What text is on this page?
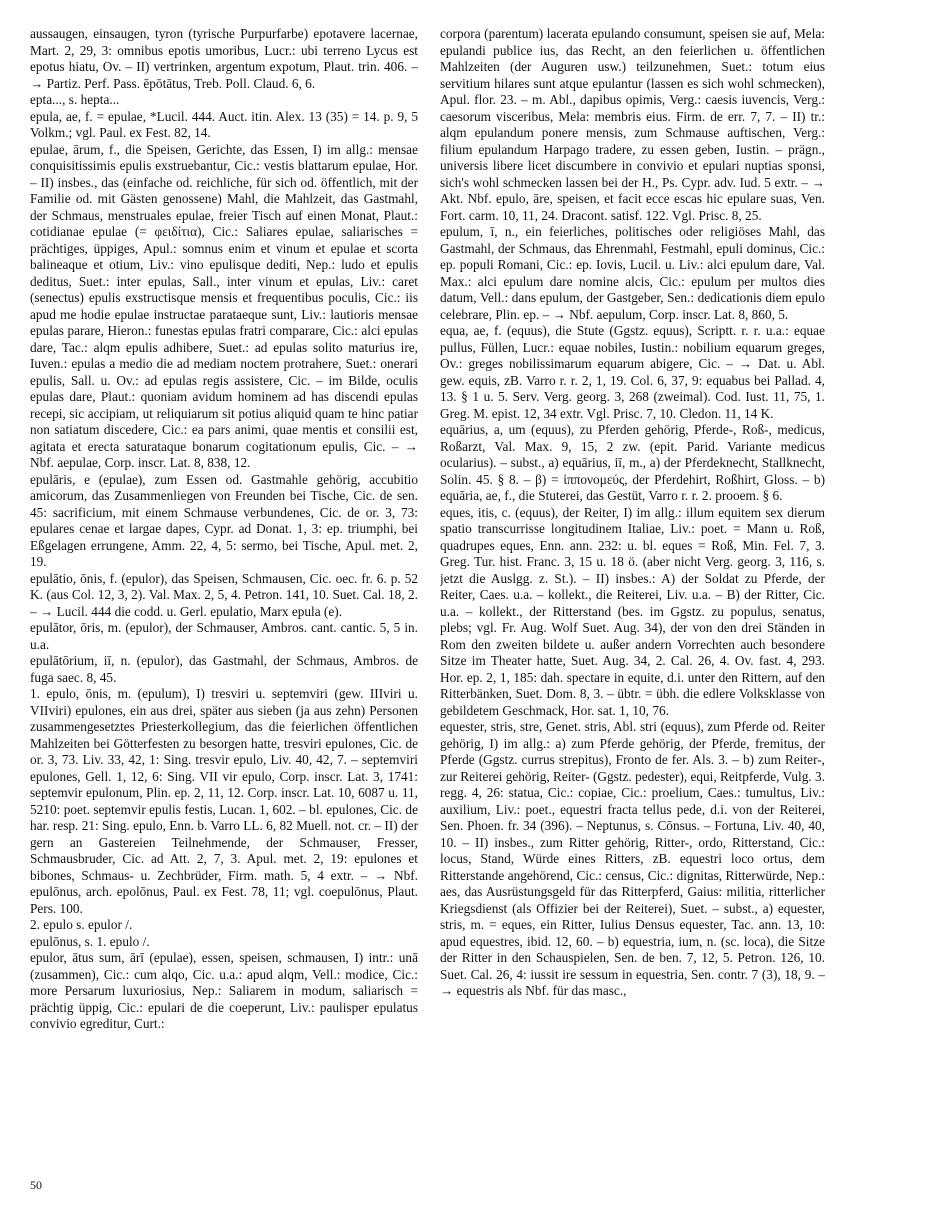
aussaugen, einsaugen, tyron (tyrische Purpurfarbe) epotavere lacernae, Mart. 2, 29, 3: omnibus epotis umoribus, Lucr.: ubi terreno Lycus est epotus hiatu, Ov. – II) vertrinken, argentum expotum, Plaut. trin. 406. – → Partiz. Perf. Pass. ēpōtātus, Treb. Poll. Claud. 6, 6.

epta..., s. hepta...

epula, ae, f. = epulae, *Lucil. 444. Auct. itin. Alex. 13 (35) = 14. p. 9, 5 Volkm.; vgl. Paul. ex Fest. 82, 14.

epulae, ārum, f., die Speisen, Gerichte, das Essen, I) im allg.: mensae conquisitissimis epulis exstruebantur, Cic.: vestis blattarum epulae, Hor. – II) insbes., das (einfache od. reichliche, für sich od. öffentlich, mit der Familie od. mit Gästen genossene) Mahl, die Mahlzeit, das Gastmahl, der Schmaus, menstruales epulae, freier Tisch auf einen Monat, Plaut.: cotidianae epulae (= φειδίτια), Cic.: Saliares epulae, saliarisches = prächtiges, üppiges, Apul.: somnus enim et vinum et epulae et scorta balineaque et otium, Liv.: vino epulisque dediti, Nep.: ludo et epulis deditus, Suet.: inter epulas, Sall., inter vinum et epulas, Liv.: caret (senectus) epulis exstructisque mensis et frequentibus poculis, Cic.: iis apud me hodie epulae instructae parataeque sunt, Liv.: lautioris mensae epulas parare, Hieron.: funestas epulas fratri comparare, Cic.: alci epulas dare, Tac.: alqm epulis adhibere, Suet.: ad epulas solito maturius ire, Iuven.: epulas a medio die ad mediam noctem protrahere, Suet.: onerari epulis, Sall. u. Ov.: ad epulas regis assistere, Cic. – im Bilde, oculis epulas dare, Plaut.: quoniam avidum hominem ad has discendi epulas recepi, sic accipiam, ut reliquiarum sit potius aliquid quam te hinc patiar non satiatum discedere, Cic.: ea pars animi, quae mentis et consilii est, agitata et erecta saturataque bonarum cogitationum epulis, Cic. – → Nbf. aepulae, Corp. inscr. Lat. 8, 838, 12.

epulāris, e (epulae), zum Essen od. Gastmahle gehörig, accubitio amicorum, das Zusammenliegen von Freunden bei Tische, Cic. de sen. 45: sacrificium, mit einem Schmause verbundenes, Cic. de or. 3, 73: epulares cenae et largae dapes, Cypr. ad Donat. 1, 3: ep. triumphi, bei Eßgelagen errungene, Amm. 22, 4, 5: sermo, bei Tische, Apul. met. 2, 19.

epulātio, ōnis, f. (epulor), das Speisen, Schmausen, Cic. oec. fr. 6. p. 52 K. (aus Col. 12, 3, 2). Val. Max. 2, 5, 4. Petron. 141, 10. Suet. Cal. 18, 2. – → Lucil. 444 die codd. u. Gerl. epulatio, Marx epula (e).

epulātor, ōris, m. (epulor), der Schmauser, Ambros. cant. cantic. 5, 5 in. u.a.

epulātōrium, iī, n. (epulor), das Gastmahl, der Schmaus, Ambros. de fuga saec. 8, 45.

1. epulo, ōnis, m. (epulum), I) tresviri u. septemviri (gew. IIIviri u. VIIviri) epulones, ein aus drei, später aus sieben (ja aus zehn) Personen zusammengesetztes Priesterkollegium, das die feierlichen öffentlichen Mahlzeiten bei Götterfesten zu besorgen hatte, tresviri epulones, Cic. de or. 3, 73. Liv. 33, 42, 1: Sing. tresvir epulo, Liv. 40, 42, 7. – septemviri epulones, Gell. 1, 12, 6: Sing. VII vir epulo, Corp. inscr. Lat. 3, 1741: septemvir epulonum, Plin. ep. 2, 11, 12. Corp. inscr. Lat. 10, 6087 u. 11, 5210: poet. septemvir epulis festis, Lucan. 1, 602. – bl. epulones, Cic. de har. resp. 21: Sing. epulo, Enn. b. Varro LL. 6, 82 Muell. not. cr. – II) der gern an Gastereien Teilnehmende, der Schmauser, Fresser, Schmausbruder, Cic. ad Att. 2, 7, 3. Apul. met. 2, 19: epulones et bibones, Schmaus- u. Zechbrüder, Firm. math. 5, 4 extr. – → Nbf. epulōnus, arch. epolōnus, Paul. ex Fest. 78, 11; vgl. coepulōnus, Plaut. Pers. 100.

2. epulo s. epulor /.

epulōnus, s. 1. epulo /.

epulor, ātus sum, ārī (epulae), essen, speisen, schmausen, I) intr.: unā (zusammen), Cic.: cum alqo, Cic. u.a.: apud alqm, Vell.: modice, Cic.: more Persarum luxuriosius, Nep.: Saliarem in modum, saliarisch = prächtig üppig, Cic.: epulari de die coeperunt, Liv.: paulisper epulatus convivio egreditur, Curt.:

corpora (parentum) lacerata epulando consumunt, speisen sie auf, Mela: epulandi publice ius, das Recht, an den feierlichen u. öffentlichen Mahlzeiten (der Auguren usw.) teilzunehmen, Suet.: totum eius servitium hilares sunt atque epulantur (lassen es sich wohl schmecken), Apul. flor. 23. – m. Abl., dapibus opimis, Verg.: caesis iuvencis, Verg.: caesorum visceribus, Mela: membris eius. Firm. de err. 7, 7. – II) tr.: alqm epulandum ponere mensis, zum Schmause auftischen, Verg.: filium epulandum Harpago tradere, zu essen geben, Iustin. – prägn., universis libere licet discumbere in convivio et epulari nuptias sponsi, sich's wohl schmecken lassen bei der H., Ps. Cypr. adv. Iud. 5 extr. – → Akt. Nbf. epulo, āre, speisen, et facit ecce escas hic epulare suas, Ven. Fort. carm. 10, 11, 24. Dracont. satisf. 122. Vgl. Prisc. 8, 25.

epulum, ī, n., ein feierliches, politisches oder religiöses Mahl, das Gastmahl, der Schmaus, das Ehrenmahl, Festmahl, epuli dominus, Cic.: ep. populi Romani, Cic.: ep. Iovis, Lucil. u. Liv.: alci epulum dare, Val. Max.: alci epulum dare nomine alcis, Cic.: epulum per multos dies datum, Vell.: dans epulum, der Gastgeber, Sen.: dedicationis diem epulo celebrare, Plin. ep. – → Nbf. aepulum, Corp. inscr. Lat. 8, 860, 5.

equa, ae, f. (equus), die Stute (Ggstz. equus), Scriptt. r. r. u.a.: equae pullus, Füllen, Lucr.: equae nobiles, Iustin.: nobilium equarum greges, Ov.: greges nobilissimarum equarum abigere, Cic. – → Dat. u. Abl. gew. equis, zB. Varro r. r. 2, 1, 19. Col. 6, 37, 9: equabus bei Pallad. 4, 13. § 1 u. 5. Serv. Verg. georg. 3, 268 (zweimal). Cod. Iust. 11, 75, 1. Greg. M. epist. 12, 34 extr. Vgl. Prisc. 7, 10. Cledon. 11, 14 K.

equārius, a, um (equus), zu Pferden gehörig, Pferde-, Roß-, medicus, Roßarzt, Val. Max. 9, 15, 2 zw. (epit. Parid. Variante medicus ocularius). – subst., a) equārius, iī, m., a) der Pferdeknecht, Stallknecht, Solin. 45. § 8. – β) = ἱππονομεύς, der Pferdehirt, Roßhirt, Gloss. – b) equāria, ae, f., die Stuterei, das Gestüt, Varro r. r. 2. prooem. § 6.

eques, itis, c. (equus), der Reiter, I) im allg.: illum equitem sex dierum spatio transcurrisse longitudinem Italiae, Liv.: poet. = Mann u. Roß, quadrupes eques, Enn. ann. 232: u. bl. eques = Roß, Min. Fel. 7, 3. Greg. Tur. hist. Franc. 3, 15 u. 18 ö. (aber nicht Verg. georg. 3, 116, s. jetzt die Auslgg. z. St.). – II) insbes.: A) der Soldat zu Pferde, der Reiter, Caes. u.a. – kollekt., die Reiterei, Liv. u.a. – B) der Ritter, Cic. u.a. – kollekt., der Ritterstand (bes. im Ggstz. zu populus, senatus, plebs; vgl. Fr. Aug. Wolf Suet. Aug. 34), der von den drei Ständen in Rom den zweiten bildete u. außer andern Vorrechten auch besondere Sitze im Theater hatte, Suet. Aug. 34, 2. Cal. 26, 4. Ov. fast. 4, 293. Hor. ep. 2, 1, 185: dah. spectare in equite, d.i. unter den Rittern, auf den Ritterbänken, Suet. Dom. 8, 3. – übtr. = übh. die edlere Volksklasse von gebildetem Geschmack, Hor. sat. 1, 10, 76.

equester, stris, stre, Genet. stris, Abl. stri (equus), zum Pferde od. Reiter gehörig, I) im allg.: a) zum Pferde gehörig, der Pferde, fremitus, der Pferde (Ggstz. currus strepitus), Fronto de fer. Als. 3. – b) zum Reiter-, zur Reiterei gehörig, Reiter- (Ggstz. pedester), equi, Reitpferde, Vulg. 3. regg. 4, 26: statua, Cic.: copiae, Cic.: proelium, Caes.: tumultus, Liv.: auxilium, Liv.: poet., equestri fracta tellus pede, d.i. von der Reiterei, Sen. Phoen. fr. 34 (396). – Neptunus, s. Cōnsus. – Fortuna, Liv. 40, 40, 10. – II) insbes., zum Ritter gehörig, Ritter-, ordo, Ritterstand, Cic.: locus, Stand, Würde eines Ritters, zB. equestri loco ortus, dem Ritterstande angehörend, Cic.: census, Cic.: dignitas, Ritterwürde, Nep.: aes, das Ausrüstungsgeld für das Ritterpferd, Gaius: militia, ritterlicher Kriegsdienst (als Offizier bei der Reiterei), Suet. – subst., a) equester, stris, m. = eques, ein Ritter, Iulius Densus equester, Tac. ann. 13, 10: apud equestres, ibid. 12, 60. – b) equestria, ium, n. (sc. loca), die Sitze der Ritter in den Schauspielen, Sen. de ben. 7, 12, 5. Petron. 126, 10. Suet. Cal. 26, 4: iussit ire sessum in equestria, Sen. contr. 7 (3), 18, 9. – → equestris als Nbf. für das masc.,

50
